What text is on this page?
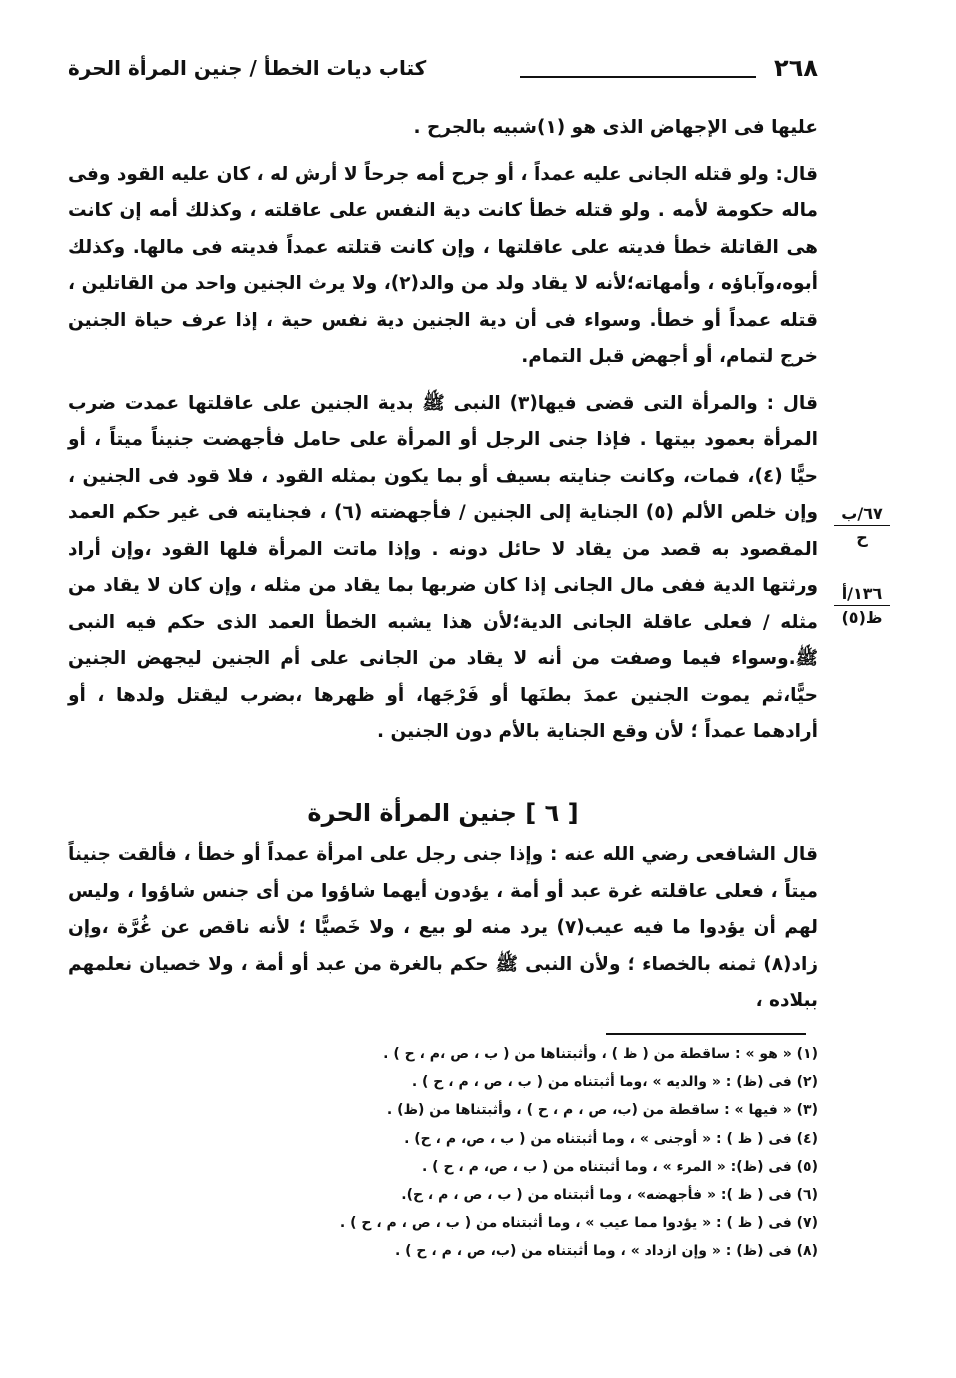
٢٦٨
كتاب ديات الخطأ / جنين المرأة الحرة
٦٧/ب
ح
١٣٦/أ
ظ(٥)

عليها فى الإجهاض الذى هو (١)شبيه بالجرح .

قال: ولو قتله الجانى عليه عمداً ، أو جرح أمه جرحاً لا أرش له ، كان عليه القود وفى ماله حكومة لأمه . ولو قتله خطأ كانت دية النفس على عاقلته ، وكذلك أمه إن كانت هى القاتلة خطأ فديته على عاقلتها ، وإن كانت قتلته عمداً فديته فى مالها. وكذلك أبوه،وآباؤه ، وأمهاته؛لأنه لا يقاد ولد من والد(٢)، ولا يرث الجنين واحد من القاتلين ، قتله عمداً أو خطأ. وسواء فى أن دية الجنين دية نفس حية ، إذا عرف حياة الجنين خرج لتمام، أو أجهض قبل التمام.

قال : والمرأة التى قضى فيها(٣) النبى ﷺ بدية الجنين على عاقلتها عمدت ضرب المرأة بعمود بيتها . فإذا جنى الرجل أو المرأة على حامل فأجهضت جنيناً ميتاً ، أو حيًّا (٤)، فمات، وكانت جنايته بسيف أو بما يكون بمثله القود ، فلا قود فى الجنين ، وإن خلص الألم (٥) الجناية إلى الجنين / فأجهضته (٦) ، فجنايته فى غير حكم العمد المقصود به قصد من يقاد لا حائل دونه . وإذا ماتت المرأة فلها القود ،وإن أراد ورثتها الدية ففى مال الجانى إذا كان ضربها بما يقاد من مثله ، وإن كان لا يقاد من مثله / فعلى عاقلة الجانى الدية؛لأن هذا يشبه الخطأ العمد الذى حكم فيه النبى ﷺ.وسواء فيما وصفت من أنه لا يقاد من الجانى على أم الجنين ليجهض الجنين حيًّا،ثم يموت الجنين عمدَ بطنَها أو فَرْجَها، أو ظهرها ،بضرب ليقتل ولدها ، أو أرادهما عمداً ؛ لأن وقع الجناية بالأم دون الجنين .

[ ٦ ] جنين المرأة الحرة

قال الشافعى رضي الله عنه : وإذا جنى رجل على امرأة عمداً أو خطأ ، فألقت جنيناً ميتاً ، فعلى عاقلته غرة عبد أو أمة ، يؤدون أيهما شاؤوا من أى جنس شاؤوا ، وليس لهم أن يؤدوا ما فيه عيب(٧) يرد منه لو بيع ، ولا خَصيًّا ؛ لأنه ناقص عن غُرَّة ،وإن زاد(٨) ثمنه بالخصاء ؛ ولأن النبى ﷺ حكم بالغرة من عبد أو أمة ، ولا خصيان نعلمهم ببلاده ،

(١) « هو » : ساقطة من ( ظ ) ، وأثبتناها من ( ب ، ص ،م ، ح ) .

(٢) فى (ظ) : « والديه » ،وما أثبتناه من ( ب ، ص ، م ، ح ) .

(٣) « فيها » : ساقطة من (ب، ص ، م ، ح ) ، وأثبتناها من (ظ) .

(٤) فى ( ظ ) : « أوجنى » ، وما أثبتناه من ( ب ، ص، م ، ح) .

(٥) فى (ظ): « المرء » ، وما أثبتناه من ( ب ، ص، م ، ح ) .

(٦) فى ( ظ ): « فأجهضه» ، وما أثبتناه من ( ب ، ص ، م ، ح).

(٧) فى ( ظ ) : « يؤدوا مما عيب » ، وما أثبتناه من ( ب ، ص ، م ، ح ) .

(٨) فى (ظ) : « وإن ازداد » ، وما أثبتناه من (ب، ص ، م ، ح ) .
